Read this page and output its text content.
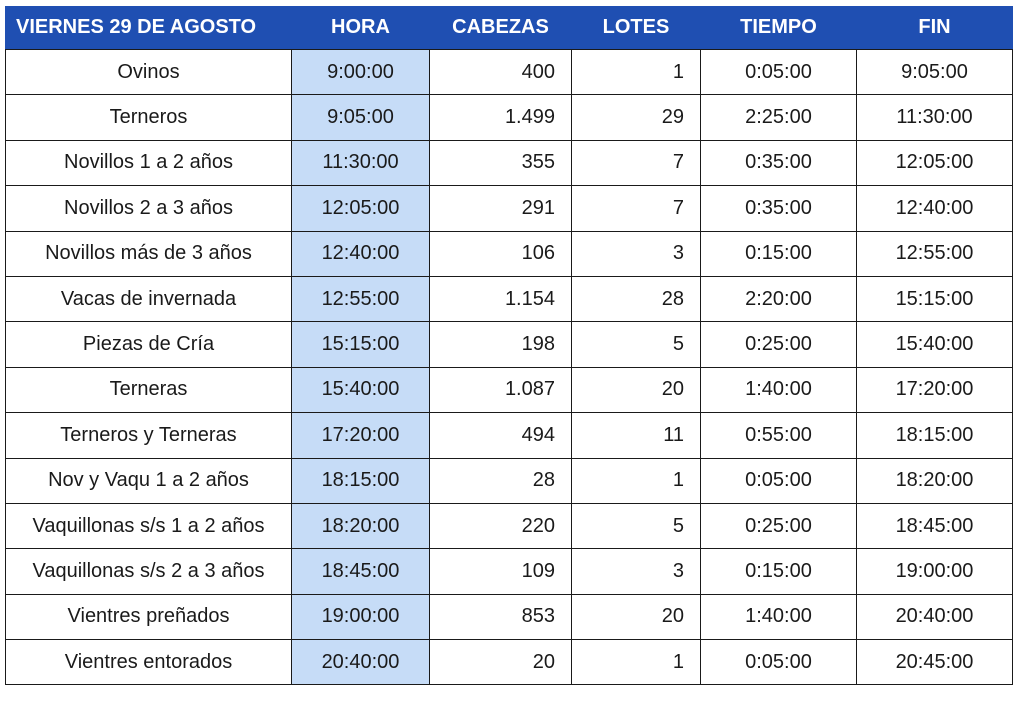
VIERNES 29 DE AGOSTO	HORA	CABEZAS	LOTES	TIEMPO	FIN
Ovinos	9:00:00	400	1	0:05:00	9:05:00
Terneros	9:05:00	1.499	29	2:25:00	11:30:00
Novillos 1 a 2 años	11:30:00	355	7	0:35:00	12:05:00
Novillos 2 a 3 años	12:05:00	291	7	0:35:00	12:40:00
Novillos más de 3 años	12:40:00	106	3	0:15:00	12:55:00
Vacas de invernada	12:55:00	1.154	28	2:20:00	15:15:00
Piezas de Cría	15:15:00	198	5	0:25:00	15:40:00
Terneras	15:40:00	1.087	20	1:40:00	17:20:00
Terneros y Terneras	17:20:00	494	11	0:55:00	18:15:00
Nov y Vaqu 1 a 2 años	18:15:00	28	1	0:05:00	18:20:00
Vaquillonas s/s 1 a 2 años	18:20:00	220	5	0:25:00	18:45:00
Vaquillonas s/s 2 a 3 años	18:45:00	109	3	0:15:00	19:00:00
Vientres preñados	19:00:00	853	20	1:40:00	20:40:00
Vientres entorados	20:40:00	20	1	0:05:00	20:45:00
